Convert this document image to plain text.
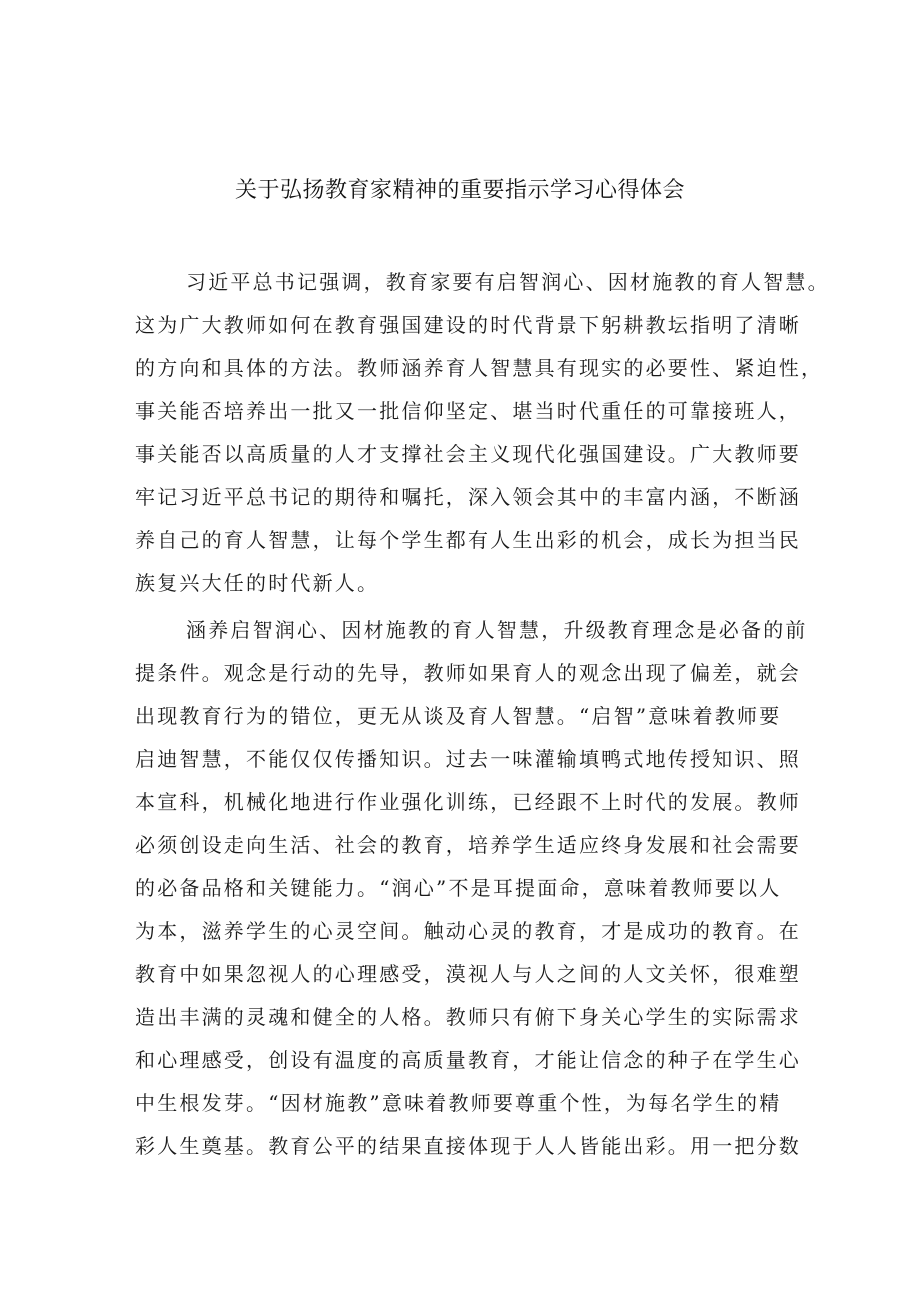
关于弘扬教育家精神的重要指示学习心得体会
习近平总书记强调，教育家要有启智润心、因材施教的育人智慧。
这为广大教师如何在教育强国建设的时代背景下躬耕教坛指明了清晰
的方向和具体的方法。教师涵养育人智慧具有现实的必要性、紧迫性，
事关能否培养出一批又一批信仰坚定、堪当时代重任的可靠接班人，
事关能否以高质量的人才支撑社会主义现代化强国建设。广大教师要
牢记习近平总书记的期待和嘱托，深入领会其中的丰富内涵，不断涵
养自己的育人智慧，让每个学生都有人生出彩的机会，成长为担当民
族复兴大任的时代新人。
涵养启智润心、因材施教的育人智慧，升级教育理念是必备的前
提条件。观念是行动的先导，教师如果育人的观念出现了偏差，就会
出现教育行为的错位，更无从谈及育人智慧。“启智”意味着教师要
启迪智慧，不能仅仅传播知识。过去一味灌输填鸭式地传授知识、照
本宣科，机械化地进行作业强化训练，已经跟不上时代的发展。教师
必须创设走向生活、社会的教育，培养学生适应终身发展和社会需要
的必备品格和关键能力。“润心”不是耳提面命，意味着教师要以人
为本，滋养学生的心灵空间。触动心灵的教育，才是成功的教育。在
教育中如果忽视人的心理感受，漠视人与人之间的人文关怀，很难塑
造出丰满的灵魂和健全的人格。教师只有俯下身关心学生的实际需求
和心理感受，创设有温度的高质量教育，才能让信念的种子在学生心
中生根发芽。“因材施教”意味着教师要尊重个性，为每名学生的精
彩人生奠基。教育公平的结果直接体现于人人皆能出彩。用一把分数
